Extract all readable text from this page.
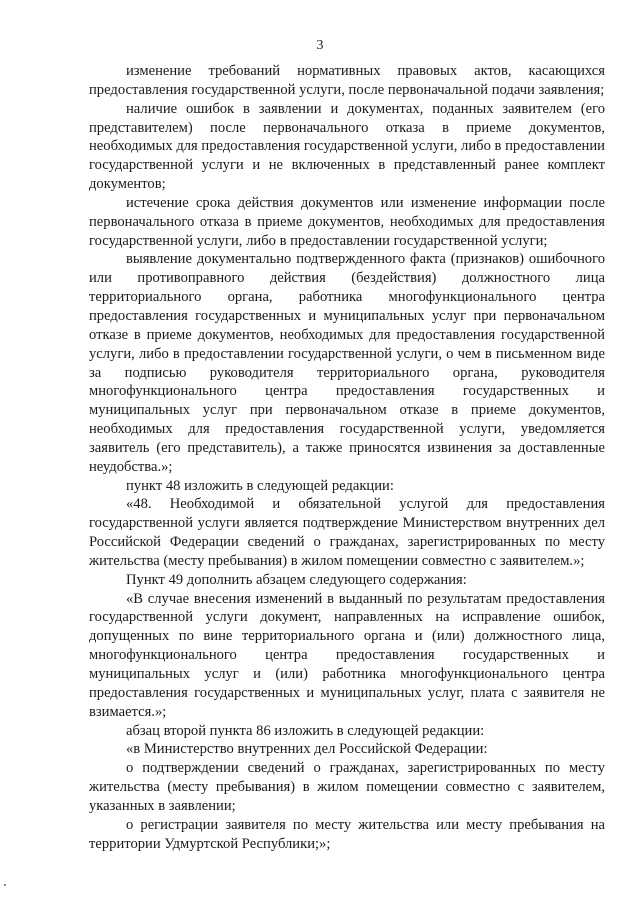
3

изменение требований нормативных правовых актов, касающихся предоставления государственной услуги, после первоначальной подачи заявления;

наличие ошибок в заявлении и документах, поданных заявителем (его представителем) после первоначального отказа в приеме документов, необходимых для предоставления государственной услуги, либо в предоставлении государственной услуги и не включенных в представленный ранее комплект документов;

истечение срока действия документов или изменение информации после первоначального отказа в приеме документов, необходимых для предоставления государственной услуги, либо в предоставлении государственной услуги;

выявление документально подтвержденного факта (признаков) ошибочного или противоправного действия (бездействия) должностного лица территориального органа, работника многофункционального центра предоставления государственных и муниципальных услуг при первоначальном отказе в приеме документов, необходимых для предоставления государственной услуги, либо в предоставлении государственной услуги, о чем в письменном виде за подписью руководителя территориального органа, руководителя многофункционального центра предоставления государственных и муниципальных услуг при первоначальном отказе в приеме документов, необходимых для предоставления государственной услуги, уведомляется заявитель (его представитель), а также приносятся извинения за доставленные неудобства.»;

пункт 48 изложить в следующей редакции:

«48. Необходимой и обязательной услугой для предоставления государственной услуги является подтверждение Министерством внутренних дел Российской Федерации сведений о гражданах, зарегистрированных по месту жительства (месту пребывания) в жилом помещении совместно с заявителем.»;

Пункт 49 дополнить абзацем следующего содержания:

«В случае внесения изменений в выданный по результатам предоставления государственной услуги документ, направленных на исправление ошибок, допущенных по вине территориального органа и (или) должностного лица, многофункционального центра предоставления государственных и муниципальных услуг и (или) работника многофункционального центра предоставления государственных и муниципальных услуг, плата с заявителя не взимается.»;

абзац второй пункта 86 изложить в следующей редакции:

«в Министерство внутренних дел Российской Федерации:

о подтверждении сведений о гражданах, зарегистрированных по месту жительства (месту пребывания) в жилом помещении совместно с заявителем, указанных в заявлении;

о регистрации заявителя по месту жительства или месту пребывания на территории Удмуртской Республики;»;
